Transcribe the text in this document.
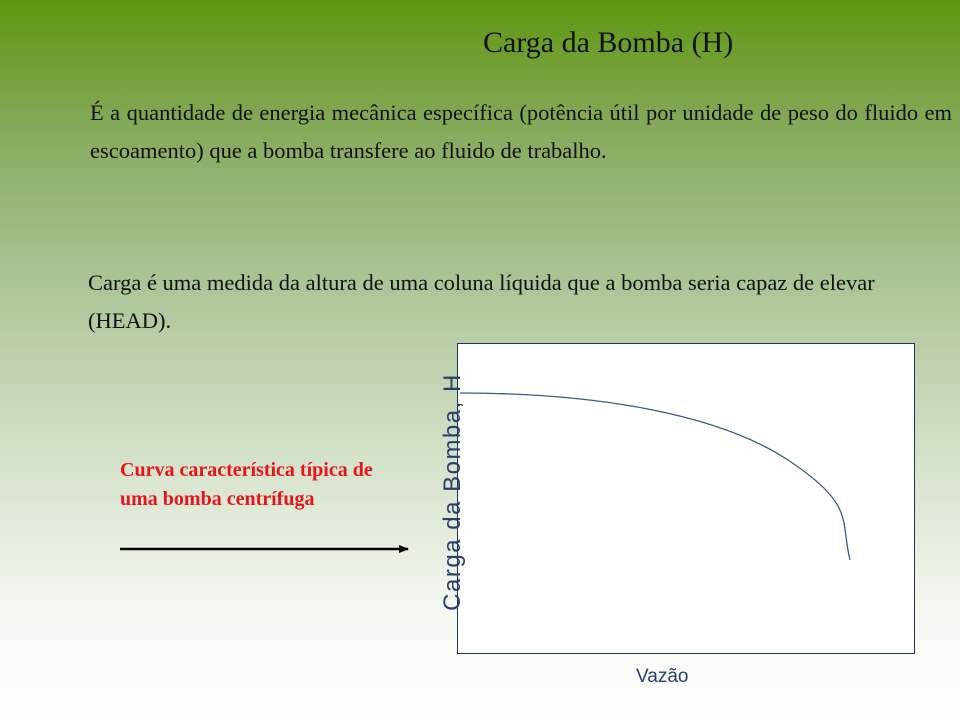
Carga da Bomba (H)
É a quantidade de energia mecânica específica (potência útil por unidade de peso do fluido em escoamento) que a bomba transfere ao fluido de trabalho.
Carga é uma medida da altura de uma coluna líquida que a bomba seria capaz de elevar (HEAD).
Curva característica típica de uma bomba centrífuga	Carga da Bomba, H
Vazão
